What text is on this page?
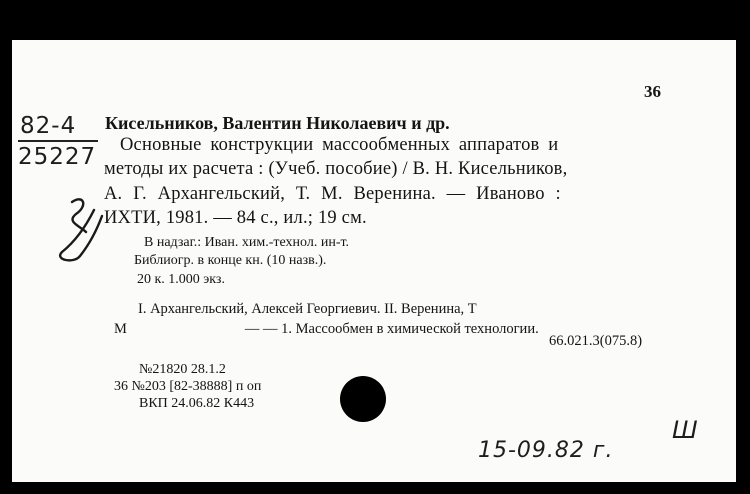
36
82-4
25227
Кисельников, Валентин Николаевич и др.
Основные конструкции массообменных аппаратов и
методы их расчета : (Учеб. пособие) / В. Н. Кисельников,
А. Г. Архангельский, Т. М. Веренина. — Иваново :
ИХТИ, 1981. — 84 с., ил.; 19 см.
В надзаг.: Иван. хим.-технол. ин-т.
Библиогр. в конце кн. (10 назв.).
20 к. 1.000 экз.
I. Архангельский, Алексей Георгиевич. II. Веренина, Т
М	— — 1. Массообмен в химической технологии.
66.021.3(075.8)
№21820 28.1.2
36 №203 [82-38888] п оп
ВКП 24.06.82 К443
15-09.82 г.
Ш
